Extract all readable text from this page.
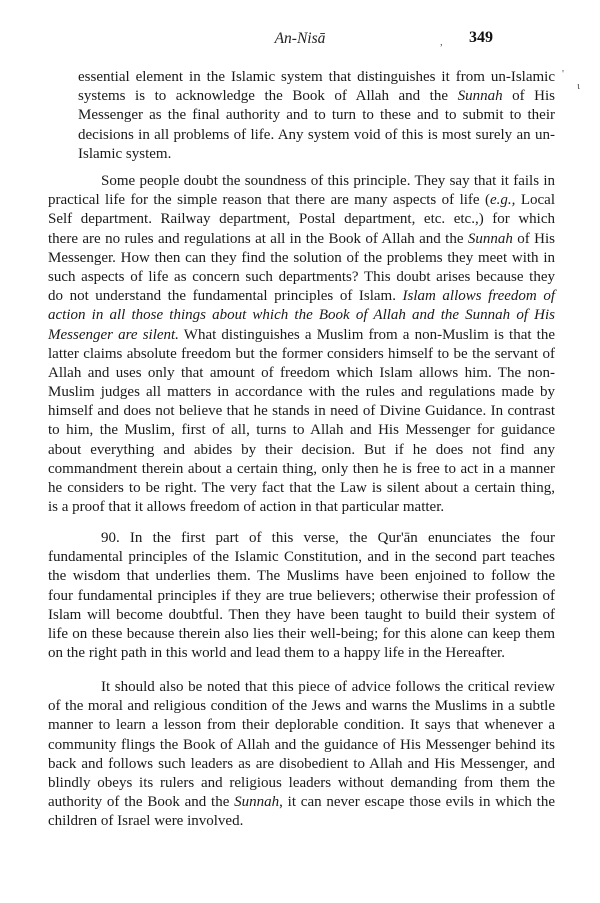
An-Nisā	, 349
'
ι
essential element in the Islamic system that distinguishes it from un-Islamic
systems is to acknowledge the Book of Allah and the Sunnah of His
Messenger as the final authority and to turn to these and to submit to their
decisions in all problems of life. Any system void of this is most surely an un-
Islamic system.
Some people doubt the soundness of this principle. They say that it fails in
practical life for the simple reason that there are many aspects of life (e.g., Local
Self department. Railway department, Postal department, etc. etc.,) for which
there are no rules and regulations at all in the Book of Allah and the Sunnah of His
Messenger. How then can they find the solution of the problems they meet with in
such aspects of life as concern such departments? This doubt arises because they
do not understand the fundamental principles of Islam. Islam allows freedom of
action in all those things about which the Book of Allah and the Sunnah of His
Messenger are silent. What distinguishes a Muslim from a non-Muslim is that the
latter claims absolute freedom but the former considers himself to be the servant of
Allah and uses only that amount of freedom which Islam allows him. The non-
Muslim judges all matters in accordance with the rules and regulations made by
himself and does not believe that he stands in need of Divine Guidance. In contrast
to him, the Muslim, first of all, turns to Allah and His Messenger for guidance
about everything and abides by their decision. But if he does not find any
commandment therein about a certain thing, only then he is free to act in a manner
he considers to be right. The very fact that the Law is silent about a certain thing,
is a proof that it allows freedom of action in that particular matter.
90. In the first part of this verse, the Qur'ān enunciates the four
fundamental principles of the Islamic Constitution, and in the second part teaches
the wisdom that underlies them. The Muslims have been enjoined to follow the
four fundamental principles if they are true believers; otherwise their profession of
Islam will become doubtful. Then they have been taught to build their system of
life on these because therein also lies their well-being; for this alone can keep them
on the right path in this world and lead them to a happy life in the Hereafter.
It should also be noted that this piece of advice follows the critical review
of the moral and religious condition of the Jews and warns the Muslims in a subtle
manner to learn a lesson from their deplorable condition. It says that whenever a
community flings the Book of Allah and the guidance of His Messenger behind its
back and follows such leaders as are disobedient to Allah and His Messenger, and
blindly obeys its rulers and religious leaders without demanding from them the
authority of the Book and the Sunnah, it can never escape those evils in which the
children of Israel were involved.
